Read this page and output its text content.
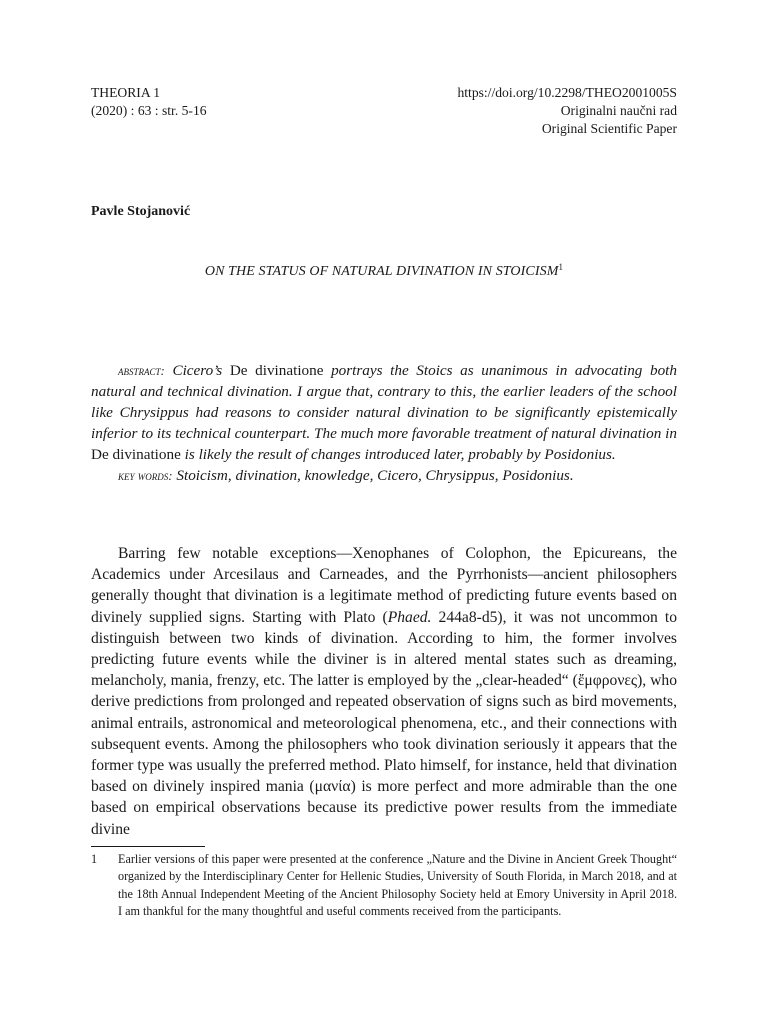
THEORIA 1
(2020) : 63 : str. 5-16
https://doi.org/10.2298/THEO2001005S
Originalni naučni rad
Original Scientific Paper
Pavle Stojanović
ON THE STATUS OF NATURAL DIVINATION IN STOICISM$^1$

abstract: Cicero’s De divinatione portrays the Stoics as unanimous in advocating both natural and technical divination. I argue that, contrary to this, the earlier leaders of the school like Chrysippus had reasons to consider natural divination to be significantly epistemically inferior to its technical counterpart. The much more favorable treatment of natural divination in De divinatione is likely the result of changes introduced later, probably by Posidonius.

key words: Stoicism, divination, knowledge, Cicero, Chrysippus, Posidonius.

Barring few notable exceptions—Xenophanes of Colophon, the Epicureans, the Academics under Arcesilaus and Carneades, and the Pyrrhonists—ancient philosophers generally thought that divination is a legitimate method of predicting future events based on divinely supplied signs. Starting with Plato (Phaed. 244a8-d5), it was not uncommon to distinguish between two kinds of divination. According to him, the former involves predicting future events while the diviner is in altered mental states such as dreaming, melancholy, mania, frenzy, etc. The latter is employed by the „clear-headed“ (ἔμφρονες), who derive predictions from prolonged and repeated observation of signs such as bird movements, animal entrails, astronomical and meteorological phenomena, etc., and their connections with subsequent events. Among the philosophers who took divination seriously it appears that the former type was usually the preferred method. Plato himself, for instance, held that divination based on divinely inspired mania (μανία) is more perfect and more admirable than the one based on empirical observations because its predictive power results from the immediate divine

1 Earlier versions of this paper were presented at the conference „Nature and the Divine in Ancient Greek Thought“ organized by the Interdisciplinary Center for Hellenic Studies, University of South Florida, in March 2018, and at the 18th Annual Independent Meeting of the Ancient Philosophy Society held at Emory University in April 2018. I am thankful for the many thoughtful and useful comments received from the participants.
